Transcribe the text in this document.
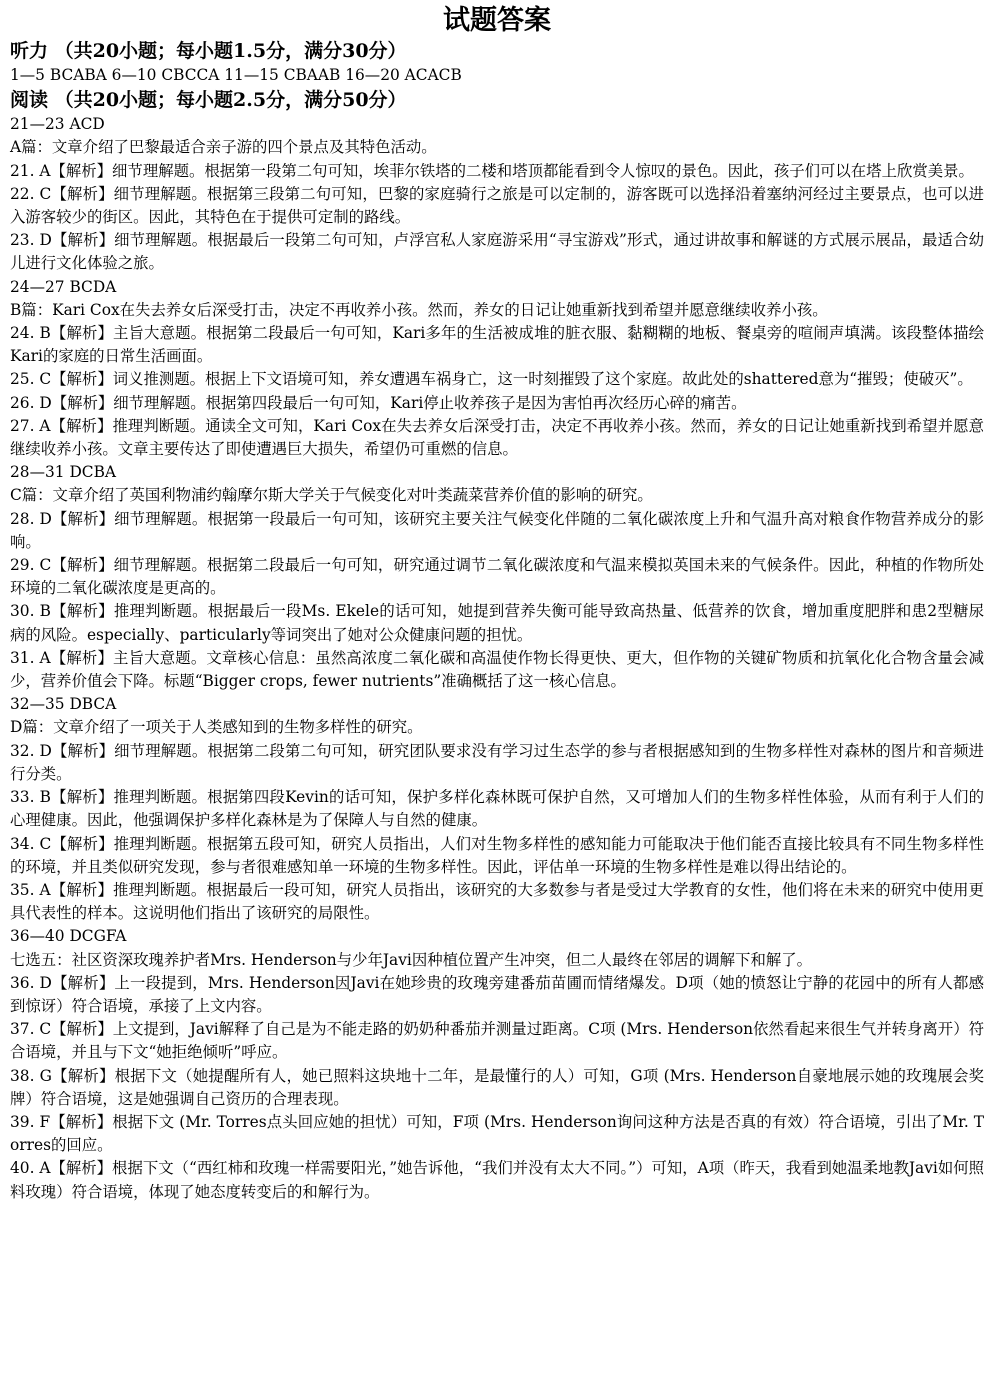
试题答案
听力 （共20小题；每小题1.5分，满分30分）
1—5 BCABA 6—10 CBCCA 11—15 CBAAB 16—20 ACACB
阅读 （共20小题；每小题2.5分，满分50分）
21—23 ACD
A篇：文章介绍了巴黎最适合亲子游的四个景点及其特色活动。
21. A【解析】细节理解题。根据第一段第二句可知，埃菲尔铁塔的二楼和塔顶都能看到令人惊叹的景色。因此，孩子们可以在塔上欣赏美景。
22. C【解析】细节理解题。根据第三段第二句可知，巴黎的家庭骑行之旅是可以定制的，游客既可以选择沿着塞纳河经过主要景点，也可以进入游客较少的街区。因此，其特色在于提供可定制的路线。
23. D【解析】细节理解题。根据最后一段第二句可知，卢浮宫私人家庭游采用“寻宝游戏”形式，通过讲故事和解谜的方式展示展品，最适合幼儿进行文化体验之旅。
24—27 BCDA
B篇：Kari Cox在失去养女后深受打击，决定不再收养小孩。然而，养女的日记让她重新找到希望并愿意继续收养小孩。
24. B【解析】主旨大意题。根据第二段最后一句可知，Kari多年的生活被成堆的脏衣服、黏糊糊的地板、餐桌旁的喧闹声填满。该段整体描绘Kari的家庭的日常生活画面。
25. C【解析】词义推测题。根据上下文语境可知，养女遭遇车祸身亡，这一时刻摧毁了这个家庭。故此处的shattered意为“摧毁；使破灭”。
26. D【解析】细节理解题。根据第四段最后一句可知，Kari停止收养孩子是因为害怕再次经历心碎的痛苦。
27. A【解析】推理判断题。通读全文可知，Kari Cox在失去养女后深受打击，决定不再收养小孩。然而，养女的日记让她重新找到希望并愿意继续收养小孩。文章主要传达了即使遭遇巨大损失，希望仍可重燃的信息。
28—31 DCBA
C篇：文章介绍了英国利物浦约翰摩尔斯大学关于气候变化对叶类蔬菜营养价值的影响的研究。
28. D【解析】细节理解题。根据第一段最后一句可知，该研究主要关注气候变化伴随的二氧化碳浓度上升和气温升高对粮食作物营养成分的影响。
29. C【解析】细节理解题。根据第二段最后一句可知，研究通过调节二氧化碳浓度和气温来模拟英国未来的气候条件。因此，种植的作物所处环境的二氧化碳浓度是更高的。
30. B【解析】推理判断题。根据最后一段Ms. Ekele的话可知，她提到营养失衡可能导致高热量、低营养的饮食，增加重度肥胖和患2型糖尿病的风险。especially、particularly等词突出了她对公众健康问题的担忧。
31. A【解析】主旨大意题。文章核心信息：虽然高浓度二氧化碳和高温使作物长得更快、更大，但作物的关键矿物质和抗氧化化合物含量会减少，营养价值会下降。标题“Bigger crops, fewer nutrients”准确概括了这一核心信息。
32—35 DBCA
D篇：文章介绍了一项关于人类感知到的生物多样性的研究。
32. D【解析】细节理解题。根据第二段第二句可知，研究团队要求没有学习过生态学的参与者根据感知到的生物多样性对森林的图片和音频进行分类。
33. B【解析】推理判断题。根据第四段Kevin的话可知，保护多样化森林既可保护自然，又可增加人们的生物多样性体验，从而有利于人们的心理健康。因此，他强调保护多样化森林是为了保障人与自然的健康。
34. C【解析】推理判断题。根据第五段可知，研究人员指出，人们对生物多样性的感知能力可能取决于他们能否直接比较具有不同生物多样性的环境，并且类似研究发现，参与者很难感知单一环境的生物多样性。因此，评估单一环境的生物多样性是难以得出结论的。
35. A【解析】推理判断题。根据最后一段可知，研究人员指出，该研究的大多数参与者是受过大学教育的女性，他们将在未来的研究中使用更具代表性的样本。这说明他们指出了该研究的局限性。
36—40 DCGFA
七选五：社区资深玫瑰养护者Mrs. Henderson与少年Javi因种植位置产生冲突，但二人最终在邻居的调解下和解了。
36. D【解析】上一段提到，Mrs. Henderson因Javi在她珍贵的玫瑰旁建番茄苗圃而情绪爆发。D项（她的愤怒让宁静的花园中的所有人都感到惊讶）符合语境，承接了上文内容。
37. C【解析】上文提到，Javi解释了自己是为不能走路的奶奶种番茄并测量过距离。C项 (Mrs. Henderson依然看起来很生气并转身离开）符合语境，并且与下文“她拒绝倾听”呼应。
38. G【解析】根据下文（她提醒所有人，她已照料这块地十二年，是最懂行的人）可知，G项 (Mrs. Henderson自豪地展示她的玫瑰展会奖牌）符合语境，这是她强调自己资历的合理表现。
39. F【解析】根据下文 (Mr. Torres点头回应她的担忧）可知，F项 (Mrs. Henderson询问这种方法是否真的有效）符合语境，引出了Mr. Torres的回应。
40. A【解析】根据下文（“西红柿和玫瑰一样需要阳光，”她告诉他，“我们并没有太大不同。”）可知，A项（昨天，我看到她温柔地教Javi如何照料玫瑰）符合语境，体现了她态度转变后的和解行为。
